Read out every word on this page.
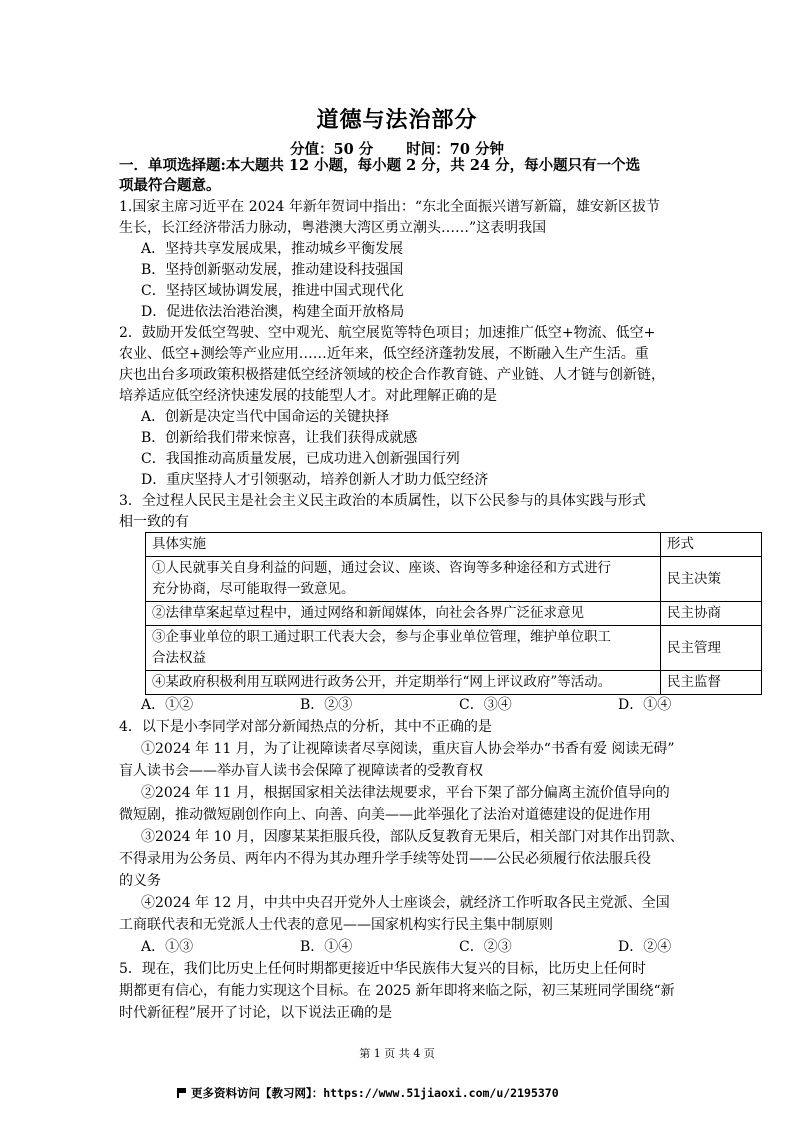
道德与法治部分
分值：50 分 时间：70 分钟
一．单项选择题:本大题共 12 小题，每小题 2 分，共 24 分，每小题只有一个选
项最符合题意。
1.国家主席习近平在 2024 年新年贺词中指出：“东北全面振兴谱写新篇，雄安新区拔节
生长，长江经济带活力脉动，粤港澳大湾区勇立潮头……”这表明我国
A．坚持共享发展成果，推动城乡平衡发展
B．坚持创新驱动发展，推动建设科技强国
C．坚持区域协调发展，推进中国式现代化
D．促进依法治港治澳，构建全面开放格局
2．鼓励开发低空驾驶、空中观光、航空展览等特色项目；加速推广低空+物流、低空+
农业、低空+测绘等产业应用……近年来，低空经济蓬勃发展，不断融入生产生活。重
庆也出台多项政策积极搭建低空经济领域的校企合作教育链、产业链、人才链与创新链，
培养适应低空经济快速发展的技能型人才。对此理解正确的是
A．创新是决定当代中国命运的关键抉择
B．创新给我们带来惊喜，让我们获得成就感
C．我国推动高质量发展，已成功进入创新强国行列
D．重庆坚持人才引领驱动，培养创新人才助力低空经济
3．全过程人民民主是社会主义民主政治的本质属性，以下公民参与的具体实践与形式
具体实施	形式

①人民就事关自身利益的问题，通过会议、座谈、咨询等多种途径和方式进行
充分协商，尽可能取得一致意见。	民主决策
②法律草案起草过程中，通过网络和新闻媒体，向社会各界广泛征求意见	民主协商

③企事业单位的职工通过职工代表大会，参与企事业单位管理，维护单位职工
合法权益	民主管理
④某政府积极利用互联网进行政务公开，并定期举行“网上评议政府”等活动。	民主监督
A．①②	B．②③	C．③④	D．①④
4．以下是小李同学对部分新闻热点的分析，其中不正确的是
①2024 年 11 月，为了让视障读者尽享阅读，重庆盲人协会举办“书香有爱 阅读无碍”
盲人读书会——举办盲人读书会保障了视障读者的受教育权
②2024 年 11 月，根据国家相关法律法规要求，平台下架了部分偏离主流价值导向的
微短剧，推动微短剧创作向上、向善、向美——此举强化了法治对道德建设的促进作用
③2024 年 10 月，因廖某某拒服兵役，部队反复教育无果后，相关部门对其作出罚款、
不得录用为公务员、两年内不得为其办理升学手续等处罚——公民必须履行依法服兵役
的义务
④2024 年 12 月，中共中央召开党外人士座谈会，就经济工作听取各民主党派、全国
工商联代表和无党派人士代表的意见——国家机构实行民主集中制原则
A．①③	B．①④	C．②③	D．②④
5．现在，我们比历史上任何时期都更接近中华民族伟大复兴的目标，比历史上任何时
期都更有信心，有能力实现这个目标。在 2025 新年即将来临之际，初三某班同学围绕“新
时代新征程”展开了讨论，以下说法正确的是
第 1 页 共 4 页
更多资料访问【教习网】：https://www.51jiaoxi.com/u/2195370
相一致的有
